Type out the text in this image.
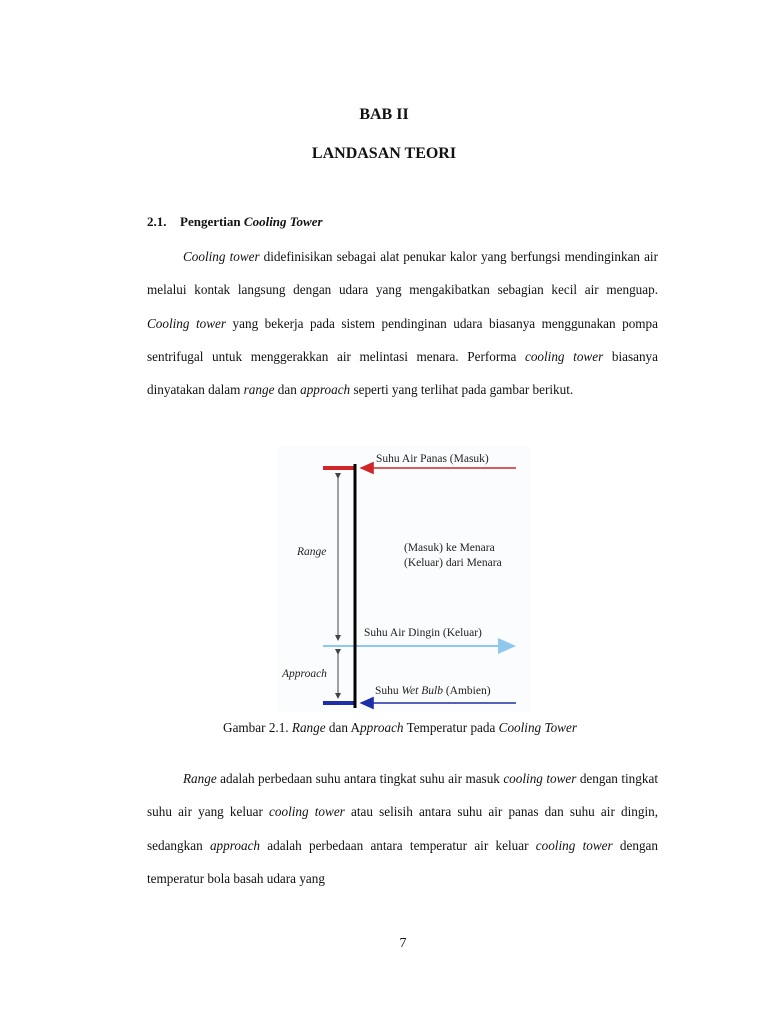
BAB II
LANDASAN TEORI
2.1. Pengertian Cooling Tower

Cooling tower didefinisikan sebagai alat penukar kalor yang berfungsi mendinginkan air melalui kontak langsung dengan udara yang mengakibatkan sebagian kecil air menguap. Cooling tower yang bekerja pada sistem pendinginan udara biasanya menggunakan pompa sentrifugal untuk menggerakkan air melintasi menara. Performa cooling tower biasanya dinyatakan dalam range dan approach seperti yang terlihat pada gambar berikut.

Suhu Air Panas (Masuk)
(Masuk) ke Menara
(Keluar) dari Menara
Range
Suhu Air Dingin (Keluar)
Approach
Suhu Wet Bulb (Ambien)
Gambar 2.1. Range dan Approach Temperatur pada Cooling Tower

Range adalah perbedaan suhu antara tingkat suhu air masuk cooling tower dengan tingkat suhu air yang keluar cooling tower atau selisih antara suhu air panas dan suhu air dingin, sedangkan approach adalah perbedaan antara temperatur air keluar cooling tower dengan temperatur bola basah udara yang

7
